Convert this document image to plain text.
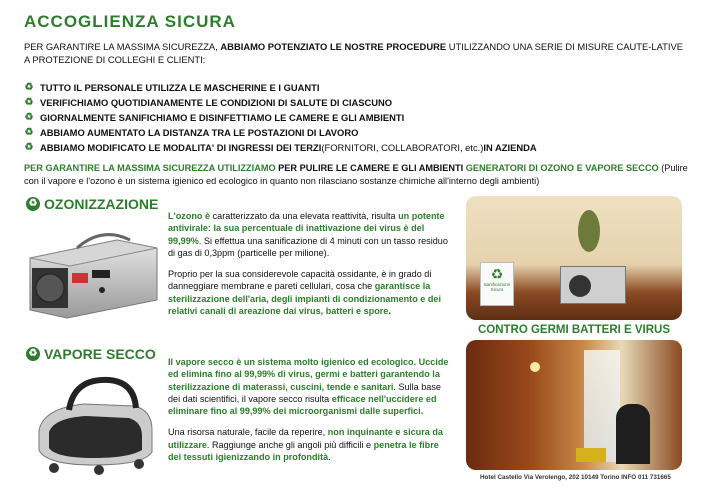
ACCOGLIENZA SICURA
PER GARANTIRE LA MASSIMA SICUREZZA, ABBIAMO POTENZIATO LE NOSTRE PROCEDURE UTILIZZANDO UNA SERIE DI MISURE CAUTE-LATIVE A PROTEZIONE DI COLLEGHI E CLIENTI:
♻ TUTTO IL PERSONALE UTILIZZA LE MASCHERINE E I GUANTI
♻ VERIFICHIAMO QUOTIDIANAMENTE LE CONDIZIONI DI SALUTE DI CIASCUNO
♻ GIORNALMENTE SANIFICHIAMO E DISINFETTIAMO LE CAMERE E GLI AMBIENTI
♻ ABBIAMO AUMENTATO LA DISTANZA TRA LE POSTAZIONI DI LAVORO
♻ ABBIAMO MODIFICATO LE MODALITA' DI INGRESSI DEI TERZI (FORNITORI, COLLABORATORI, etc.) IN AZIENDA
PER GARANTIRE LA MASSIMA SICUREZZA UTILIZZIAMO PER PULIRE LE CAMERE E GLI AMBIENTI GENERATORI DI OZONO E VAPORE SECCO (Pulire con il vapore e l'ozono è un sistema igienico ed ecologico in quanto non rilasciano sostanze chimiche all'interno degli ambienti)
♻ OZONIZZAZIONE
L'ozono è caratterizzato da una elevata reattività, risulta un potente antivirale: la sua percentuale di inattivazione dei virus è del 99,99%. Si effettua una sanificazione di 4 minuti con un tasso residuo di gas di 0,3ppm (particelle per milione).
Proprio per la sua considerevole capacità ossidante, è in grado di danneggiare membrane e pareti cellulari, cosa che garantisce la sterilizzazione dell'aria, degli impianti di condizionamento e dei relativi canali di areazione dai virus, batteri e spore.
♻ VAPORE SECCO Il vapore secco è un sistema molto igienico ed ecologico. Uccide ed elimina fino al 99,99% di virus, germi e batteri garantendo la sterilizzazione di materassi, cuscini, tende e sanitari. Sulla base dei dati scientifici, il vapore secco risulta efficace nell'uccidere ed eliminare fino al 99,99% dei microorganismi dalle superfici.
Una risorsa naturale, facile da reperire, non inquinante e sicura da utilizzare. Raggiunge anche gli angoli più difficili e penetra le fibre dei tessuti igienizzando in profondità.
♻
Sanificazione Sicura
CONTRO GERMI BATTERI E VIRUS
Hotel Castello Via Verolengo, 202 10149 Torino INFO 011 731665
